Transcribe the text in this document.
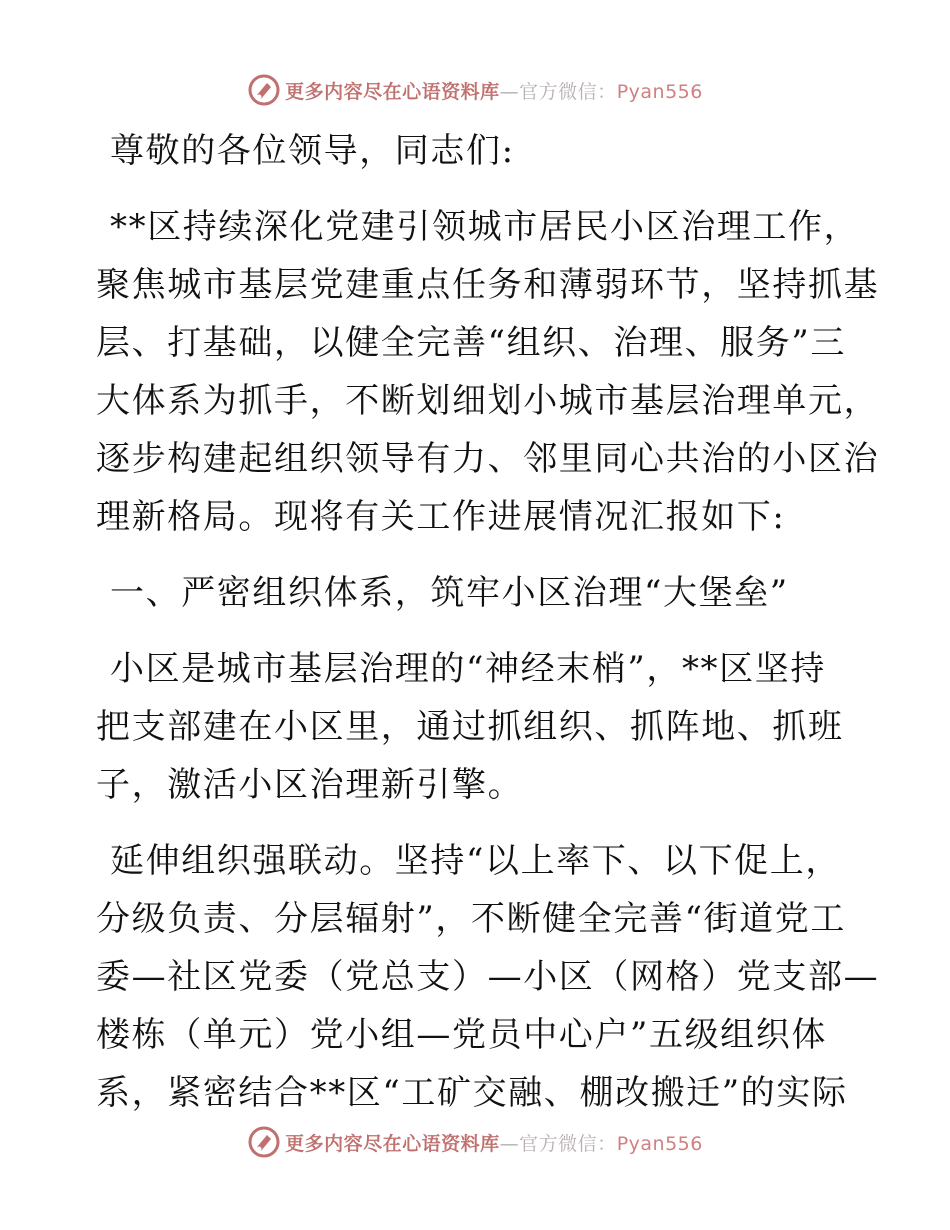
更多内容尽在心语资料库—官方微信：Pyan556
尊敬的各位领导，同志们:
**区持续深化党建引领城市居民小区治理工作，
聚焦城市基层党建重点任务和薄弱环节，坚持抓基
层、打基础，以健全完善“组织、治理、服务”三
大体系为抓手，不断划细划小城市基层治理单元，
逐步构建起组织领导有力、邻里同心共治的小区治
理新格局。现将有关工作进展情况汇报如下:
一、严密组织体系，筑牢小区治理“大堡垒”
小区是城市基层治理的“神经末梢”，**区坚持
把支部建在小区里，通过抓组织、抓阵地、抓班
子，激活小区治理新引擎。
延伸组织强联动。坚持“以上率下、以下促上，
分级负责、分层辐射”，不断健全完善“街道党工
委—社区党委（党总支）—小区（网格）党支部—
楼栋（单元）党小组—党员中心户”五级组织体
系，紧密结合**区“工矿交融、棚改搬迁”的实际
更多内容尽在心语资料库—官方微信：Pyan556
